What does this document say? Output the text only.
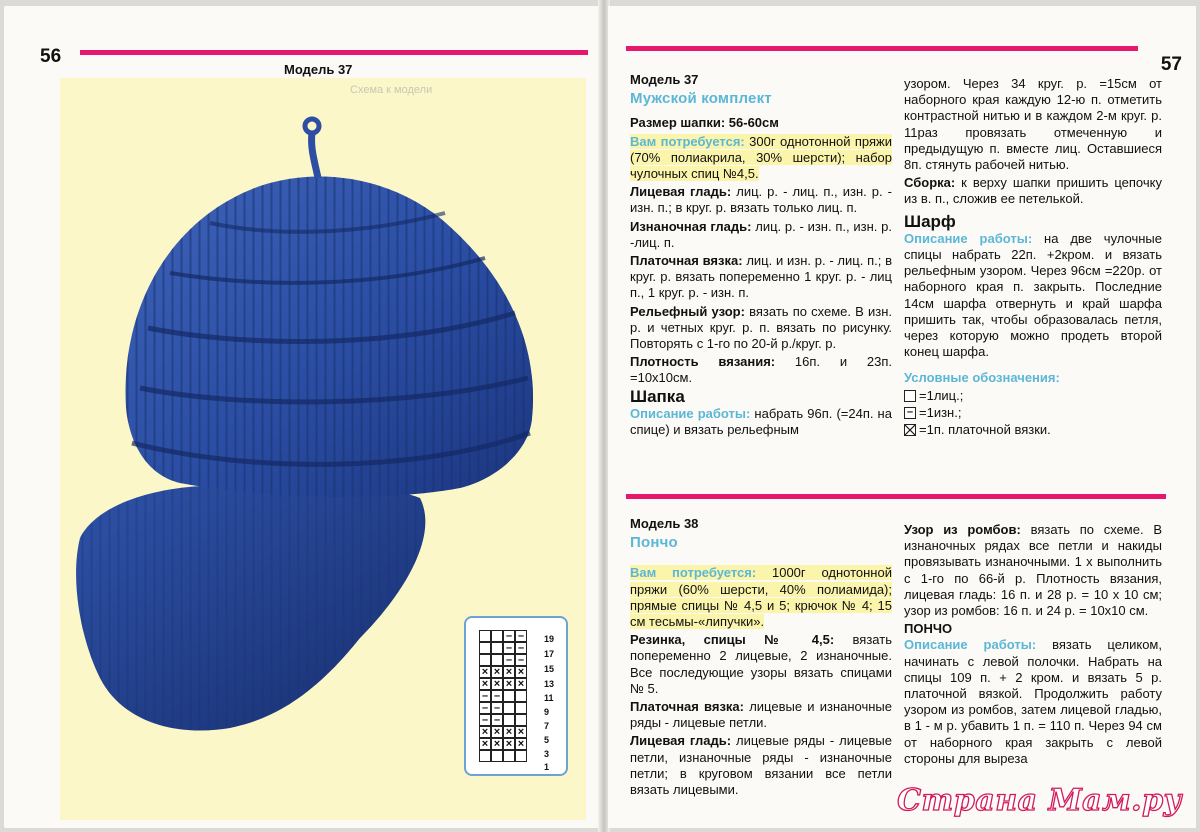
56
Модель 37
Схема к модели
– –
– –
– –
× × × ×
× × × ×
– –
– –
– –
× × × ×
× × × ×
19
17
15
13
11
9
7
5
3
1
57
Модель 37
Мужской комплект

Размер шапки: 56-60см

Вам потребуется: 300г однотонной пряжи (70% полиакрила, 30% шерсти); набор чулочных спиц №4,5.

Лицевая гладь: лиц. р. - лиц. п., изн. р. - изн. п.; в круг. р. вязать только лиц. п.

Изнаночная гладь: лиц. р. - изн. п., изн. р. -лиц. п.

Платочная вязка: лиц. и изн. р. - лиц. п.; в круг. р. вязать попеременно 1 круг. р. - лиц п., 1 круг. р. - изн. п.

Рельефный узор: вязать по схеме. В изн. р. и четных круг. р. п. вязать по рисунку. Повторять с 1-го по 20-й р./круг. р.

Плотность вязания: 16п. и 23п. =10х10см.

Шапка

Описание работы: набрать 96п. (=24п. на спице) и вязать рельефным

узором. Через 34 круг. р. =15см от наборного края каждую 12-ю п. отметить контрастной нитью и в каждом 2-м круг. р. 11раз провязать отмеченную и предыдущую п. вместе лиц. Оставшиеся 8п. стянуть рабочей нитью.

Сборка: к верху шапки пришить цепочку из в. п., сложив ее петелькой.

Шарф

Описание работы: на две чулочные спицы набрать 22п. +2кром. и вязать рельефным узором. Через 96см =220р. от наборного края п. закрыть. Последние 14см шарфа отвернуть и край шарфа пришить так, чтобы образовалась петля, через которую можно продеть второй конец шарфа.

Условные обозначения:
=1лиц.;
– =1изн.;
=1п. платочной вязки.
Модель 38
Пончо

Вам потребуется: 1000г однотонной пряжи (60% шерсти, 40% полиамида); прямые спицы № 4,5 и 5; крючок № 4; 15 см тесьмы-«липучки».

Резинка, спицы № 4,5: вязать попеременно 2 лицевые, 2 изнаночные. Все последующие узоры вязать спицами № 5.

Платочная вязка: лицевые и изнаночные ряды - лицевые петли.

Лицевая гладь: лицевые ряды - лицевые петли, изнаночные ряды - изнаночные петли; в круговом вязании все петли вязать лицевыми.

Узор из ромбов: вязать по схеме. В изнаночных рядах все петли и накиды провязывать изнаночными. 1 х выполнить с 1-го по 66-й р. Плотность вязания, лицевая гладь: 16 п. и 28 р. = 10 х 10 см; узор из ромбов: 16 п. и 24 р. = 10х10 см.

ПОНЧО

Описание работы: вязать целиком, начинать с левой полочки. Набрать на спицы 109 п. + 2 кром. и вязать 5 р. платочной вязкой. Продолжить работу узором из ромбов, затем лицевой гладью, в 1 - м р. убавить 1 п. = 110 п. Через 94 см от наборного края закрыть с левой стороны для выреза

Страна Мам.ру
